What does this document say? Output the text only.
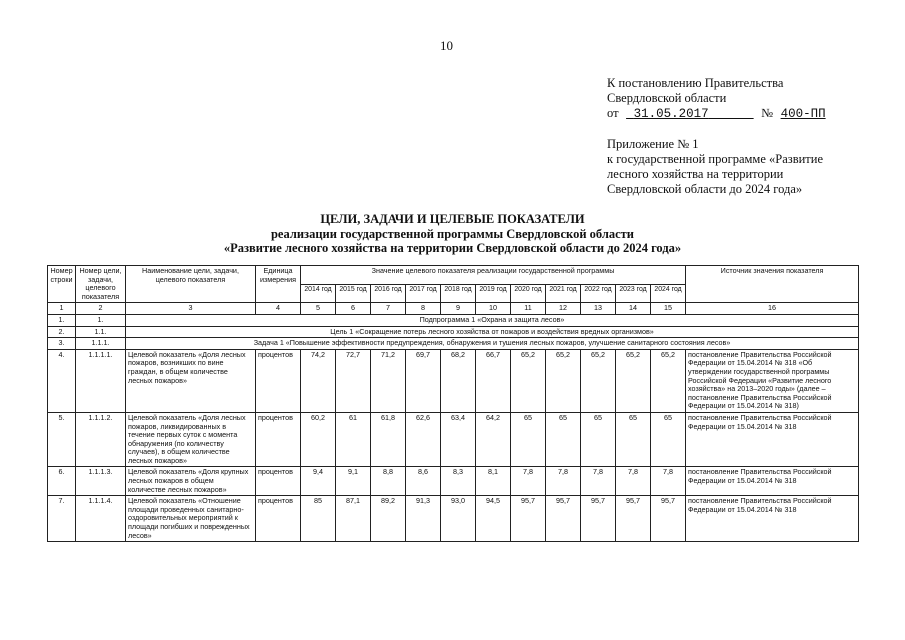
10
К постановлению Правительства
Свердловской области
от 31.05.2017	№ 400-ПП
Приложение № 1
к государственной программе «Развитие
лесного хозяйства на территории
Свердловской области до 2024 года»
ЦЕЛИ, ЗАДАЧИ И ЦЕЛЕВЫЕ ПОКАЗАТЕЛИ
реализации государственной программы Свердловской области
«Развитие лесного хозяйства на территории Свердловской области до 2024 года»
Номер строки	Номер цели, задачи, целевого показателя	Наименование цели, задачи, целевого показателя	Единица измерения	Значение целевого показателя реализации государственной программы											Источник значения показателя
				2014 год	2015 год	2016 год	2017 год	2018 год	2019 год	2020 год	2021 год	2022 год	2023 год	2024 год	
1	2	3	4	5	6	7	8	9	10	11	12	13	14	15	16
1.	1.	Подпрограмма 1 «Охрана и защита лесов»													
2.	1.1.	Цель 1 «Сокращение потерь лесного хозяйства от пожаров и воздействия вредных организмов»													
3.	1.1.1.	Задача 1 «Повышение эффективности предупреждения, обнаружения и тушения лесных пожаров, улучшение санитарного состояния лесов»													
4.	1.1.1.1.	Целевой показатель «Доля лесных пожаров, возникших по вине граждан, в общем количестве лесных пожаров»	процентов	74,2	72,7	71,2	69,7	68,2	66,7	65,2	65,2	65,2	65,2	65,2	постановление Правительства Российской Федерации от 15.04.2014 № 318 «Об утверждении государственной программы Российской Федерации «Развитие лесного хозяйства» на 2013–2020 годы» (далее – постановление Правительства Российской Федерации от 15.04.2014 № 318)
5.	1.1.1.2.	Целевой показатель «Доля лесных пожаров, ликвидированных в течение первых суток с момента обнаружения (по количеству случаев), в общем количестве лесных пожаров»	процентов	60,2	61	61,8	62,6	63,4	64,2	65	65	65	65	65	постановление Правительства Российской Федерации от 15.04.2014 № 318
6.	1.1.1.3.	Целевой показатель «Доля крупных лесных пожаров в общем количестве лесных пожаров»	процентов	9,4	9,1	8,8	8,6	8,3	8,1	7,8	7,8	7,8	7,8	7,8	постановление Правительства Российской Федерации от 15.04.2014 № 318
7.	1.1.1.4.	Целевой показатель «Отношение площади проведенных санитарно-оздоровительных мероприятий к площади погибших и поврежденных лесов»	процентов	85	87,1	89,2	91,3	93,0	94,5	95,7	95,7	95,7	95,7	95,7	постановление Правительства Российской Федерации от 15.04.2014 № 318
